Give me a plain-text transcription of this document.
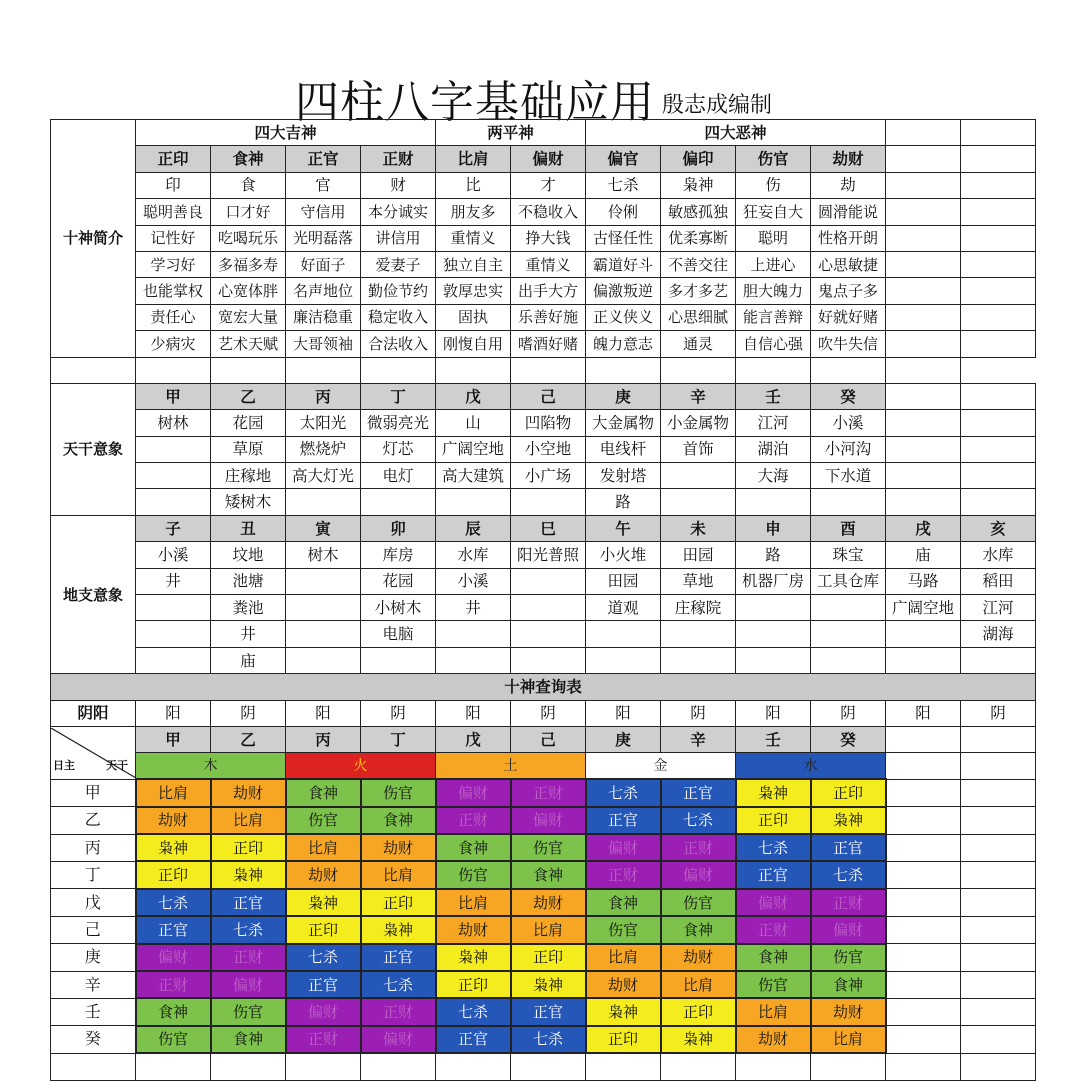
四柱八字基础应用 殷志成编制
十神简介	四大吉神				两平神		四大恶神					
	正印	食神	正官	正财	比肩	偏财	偏官	偏印	伤官	劫财		
	印	食	官	财	比	才	七杀	枭神	伤	劫		
	聪明善良	口才好	守信用	本分诚实	朋友多	不稳收入	伶俐	敏感孤独	狂妄自大	圆滑能说		
	记性好	吃喝玩乐	光明磊落	讲信用	重情义	挣大钱	古怪任性	优柔寡断	聪明	性格开朗		
	学习好	多福多寿	好面子	爱妻子	独立自主	重情义	霸道好斗	不善交往	上进心	心思敏捷		
	也能掌权	心宽体胖	名声地位	勤俭节约	敦厚忠实	出手大方	偏激叛逆	多才多艺	胆大魄力	鬼点子多		
	责任心	宽宏大量	廉洁稳重	稳定收入	固执	乐善好施	正义侠义	心思细腻	能言善辩	好就好赌		
	少病灾	艺术天赋	大哥领袖	合法收入	刚愎自用	嗜酒好赌	魄力意志	通灵	自信心强	吹牛失信		

天干意象	甲	乙	丙	丁	戊	己	庚	辛	壬	癸		
	树林	花园	太阳光	微弱亮光	山	凹陷物	大金属物	小金属物	江河	小溪		
		草原	燃烧炉	灯芯	广阔空地	小空地	电线杆	首饰	湖泊	小河沟		
		庄稼地	高大灯光	电灯	高大建筑	小广场	发射塔		大海	下水道		
		矮树木					路					
地支意象	子	丑	寅	卯	辰	巳	午	未	申	酉	戌	亥
	小溪	坟地	树木	库房	水库	阳光普照	小火堆	田园	路	珠宝	庙	水库
	井	池塘		花园	小溪		田园	草地	机器厂房	工具仓库	马路	稻田
		粪池		小树木	井		道观	庄稼院			广阔空地	江河
		井		电脑								湖海
		庙										
十神查询表												
阴阳	阳	阴	阳	阴	阳	阴	阳	阴	阳	阴	阳	阴

日主 天干	甲	乙	丙	丁	戊	己	庚	辛	壬	癸		
	木		火		土		金		水			
甲	比肩	劫财	食神	伤官	偏财	正财	七杀	正官	枭神	正印		
乙	劫财	比肩	伤官	食神	正财	偏财	正官	七杀	正印	枭神		
丙	枭神	正印	比肩	劫财	食神	伤官	偏财	正财	七杀	正官		
丁	正印	枭神	劫财	比肩	伤官	食神	正财	偏财	正官	七杀		
戊	七杀	正官	枭神	正印	比肩	劫财	食神	伤官	偏财	正财		
己	正官	七杀	正印	枭神	劫财	比肩	伤官	食神	正财	偏财		
庚	偏财	正财	七杀	正官	枭神	正印	比肩	劫财	食神	伤官		
辛	正财	偏财	正官	七杀	正印	枭神	劫财	比肩	伤官	食神		
壬	食神	伤官	偏财	正财	七杀	正官	枭神	正印	比肩	劫财		
癸	伤官	食神	正财	偏财	正官	七杀	正印	枭神	劫财	比肩		
